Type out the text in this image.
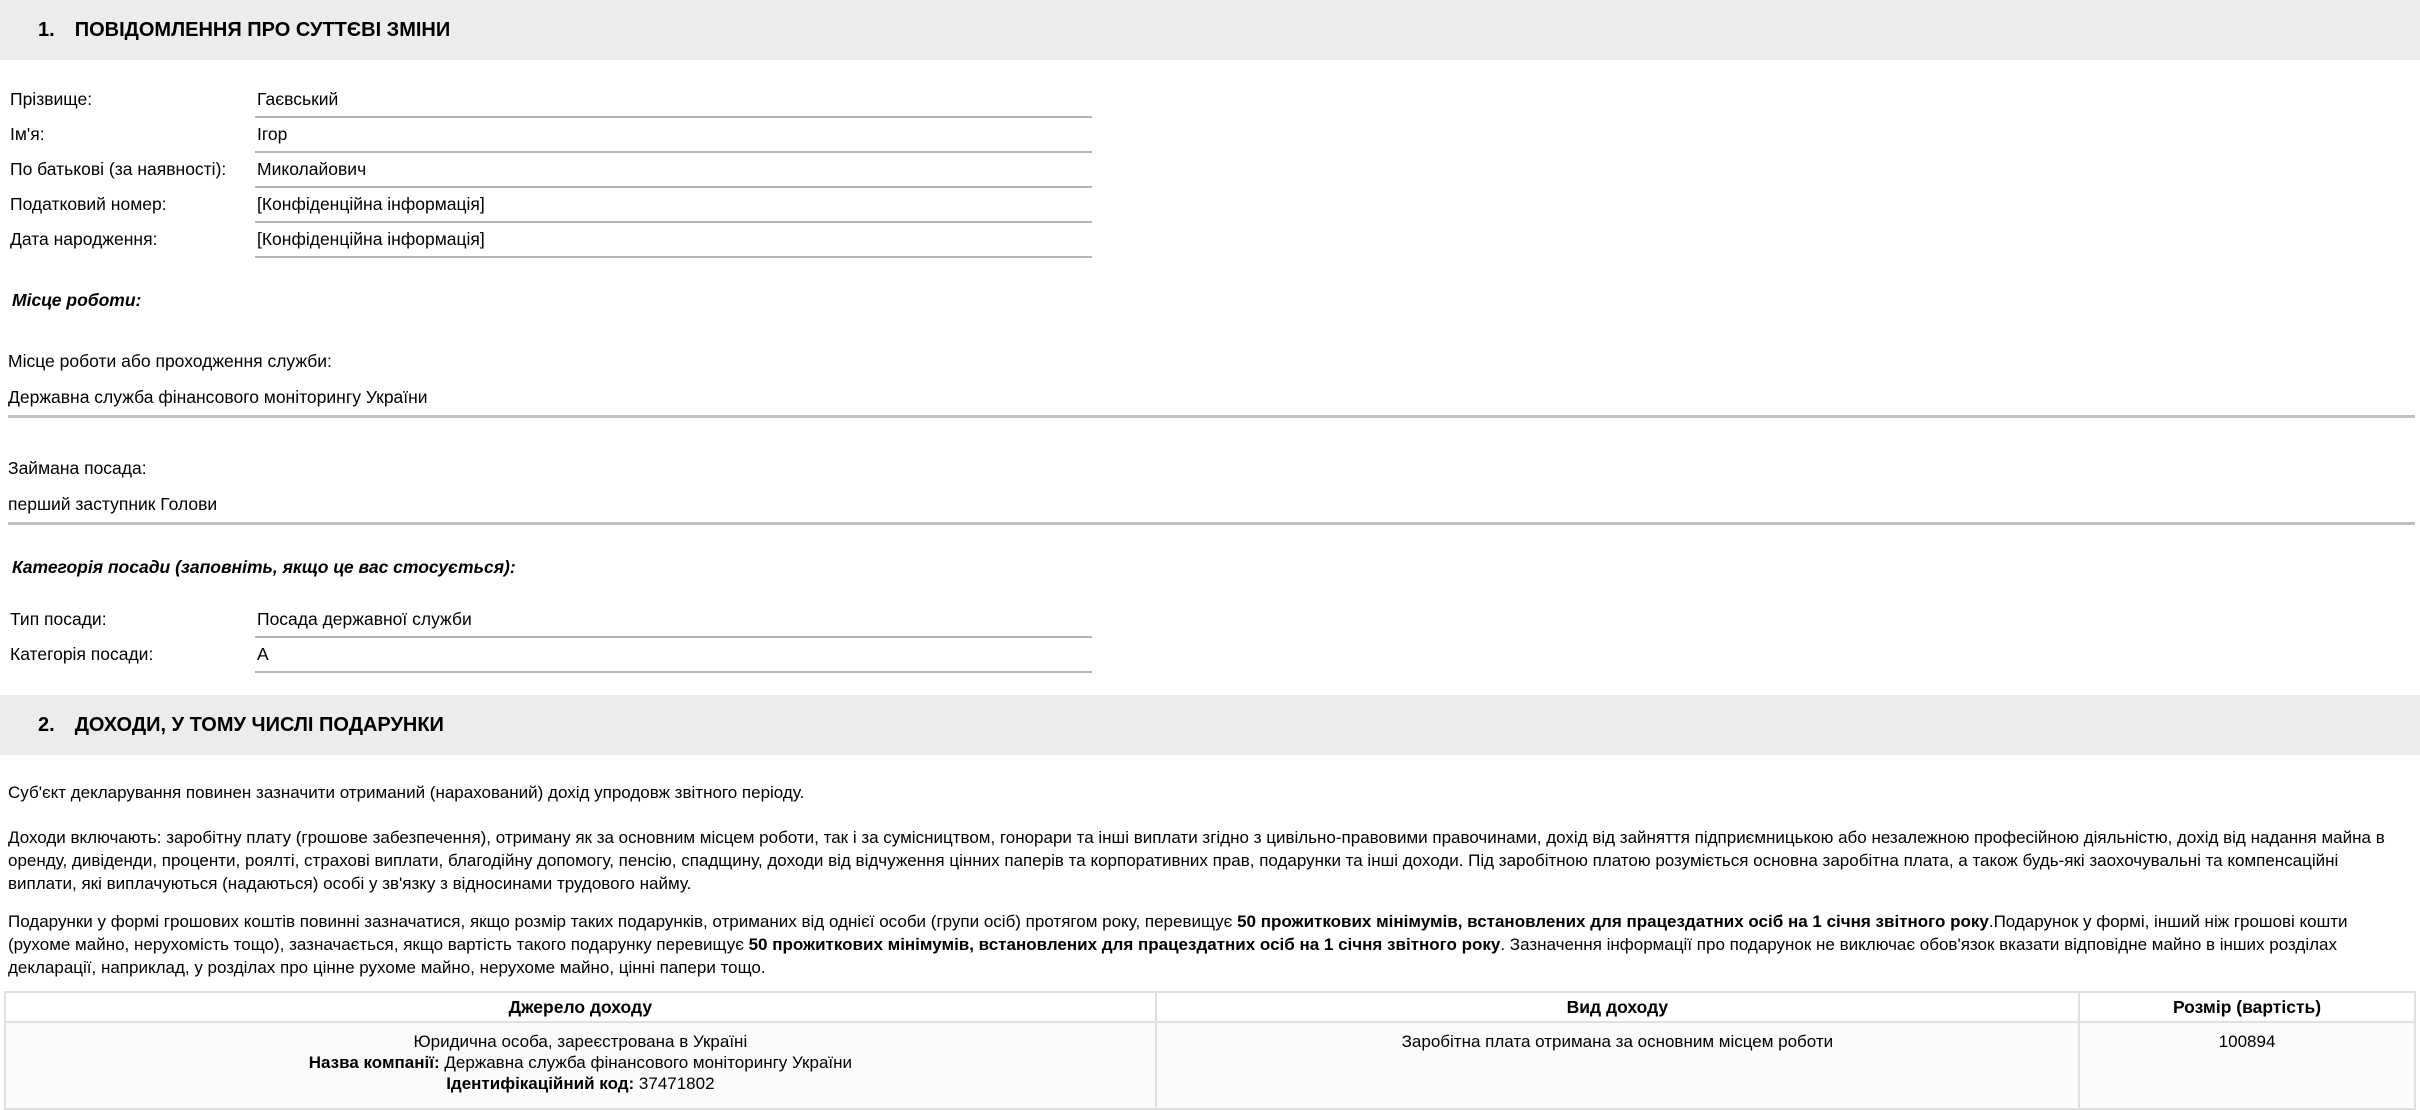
1. ПОВІДОМЛЕННЯ ПРО СУТТЄВІ ЗМІНИ
Прізвище:	Гаєвський
Ім'я:	Ігор
По батькові (за наявності):	Миколайович
Податковий номер:	[Конфіденційна інформація]
Дата народження:	[Конфіденційна інформація]
Місце роботи:
Місце роботи або проходження служби:
Державна служба фінансового моніторингу України
Займана посада:
перший заступник Голови
Категорія посади (заповніть, якщо це вас стосується):
Тип посади:	Посада державної служби
Категорія посади:	А
2. ДОХОДИ, У ТОМУ ЧИСЛІ ПОДАРУНКИ

Суб'єкт декларування повинен зазначити отриманий (нарахований) дохід упродовж звітного періоду.

Доходи включають: заробітну плату (грошове забезпечення), отриману як за основним місцем роботи, так і за сумісництвом, гонорари та інші виплати згідно з цивільно-правовими правочинами, дохід від зайняття підприємницькою або незалежною професійною діяльністю, дохід від надання майна в оренду, дивіденди, проценти, роялті, страхові виплати, благодійну допомогу, пенсію, спадщину, доходи від відчуження цінних паперів та корпоративних прав, подарунки та інші доходи. Під заробітною платою розуміється основна заробітна плата, а також будь-які заохочувальні та компенсаційні виплати, які виплачуються (надаються) особі у зв'язку з відносинами трудового найму.

Подарунки у формі грошових коштів повинні зазначатися, якщо розмір таких подарунків, отриманих від однієї особи (групи осіб) протягом року, перевищує 50 прожиткових мінімумів, встановлених для працездатних осіб на 1 січня звітного року.Подарунок у формі, інший ніж грошові кошти (рухоме майно, нерухомість тощо), зазначається, якщо вартість такого подарунку перевищує 50 прожиткових мінімумів, встановлених для працездатних осіб на 1 січня звітного року. Зазначення інформації про подарунок не виключає обов'язок вказати відповідне майно в інших розділах декларації, наприклад, у розділах про цінне рухоме майно, нерухоме майно, цінні папери тощо.

Джерело доходу	Вид доходу	Розмір (вартість)

Юридична особа, зареєстрована в Україні
Назва компанії: Державна служба фінансового моніторингу України
Ідентифікаційний код: 37471802	Заробітна плата отримана за основним місцем роботи	100894
